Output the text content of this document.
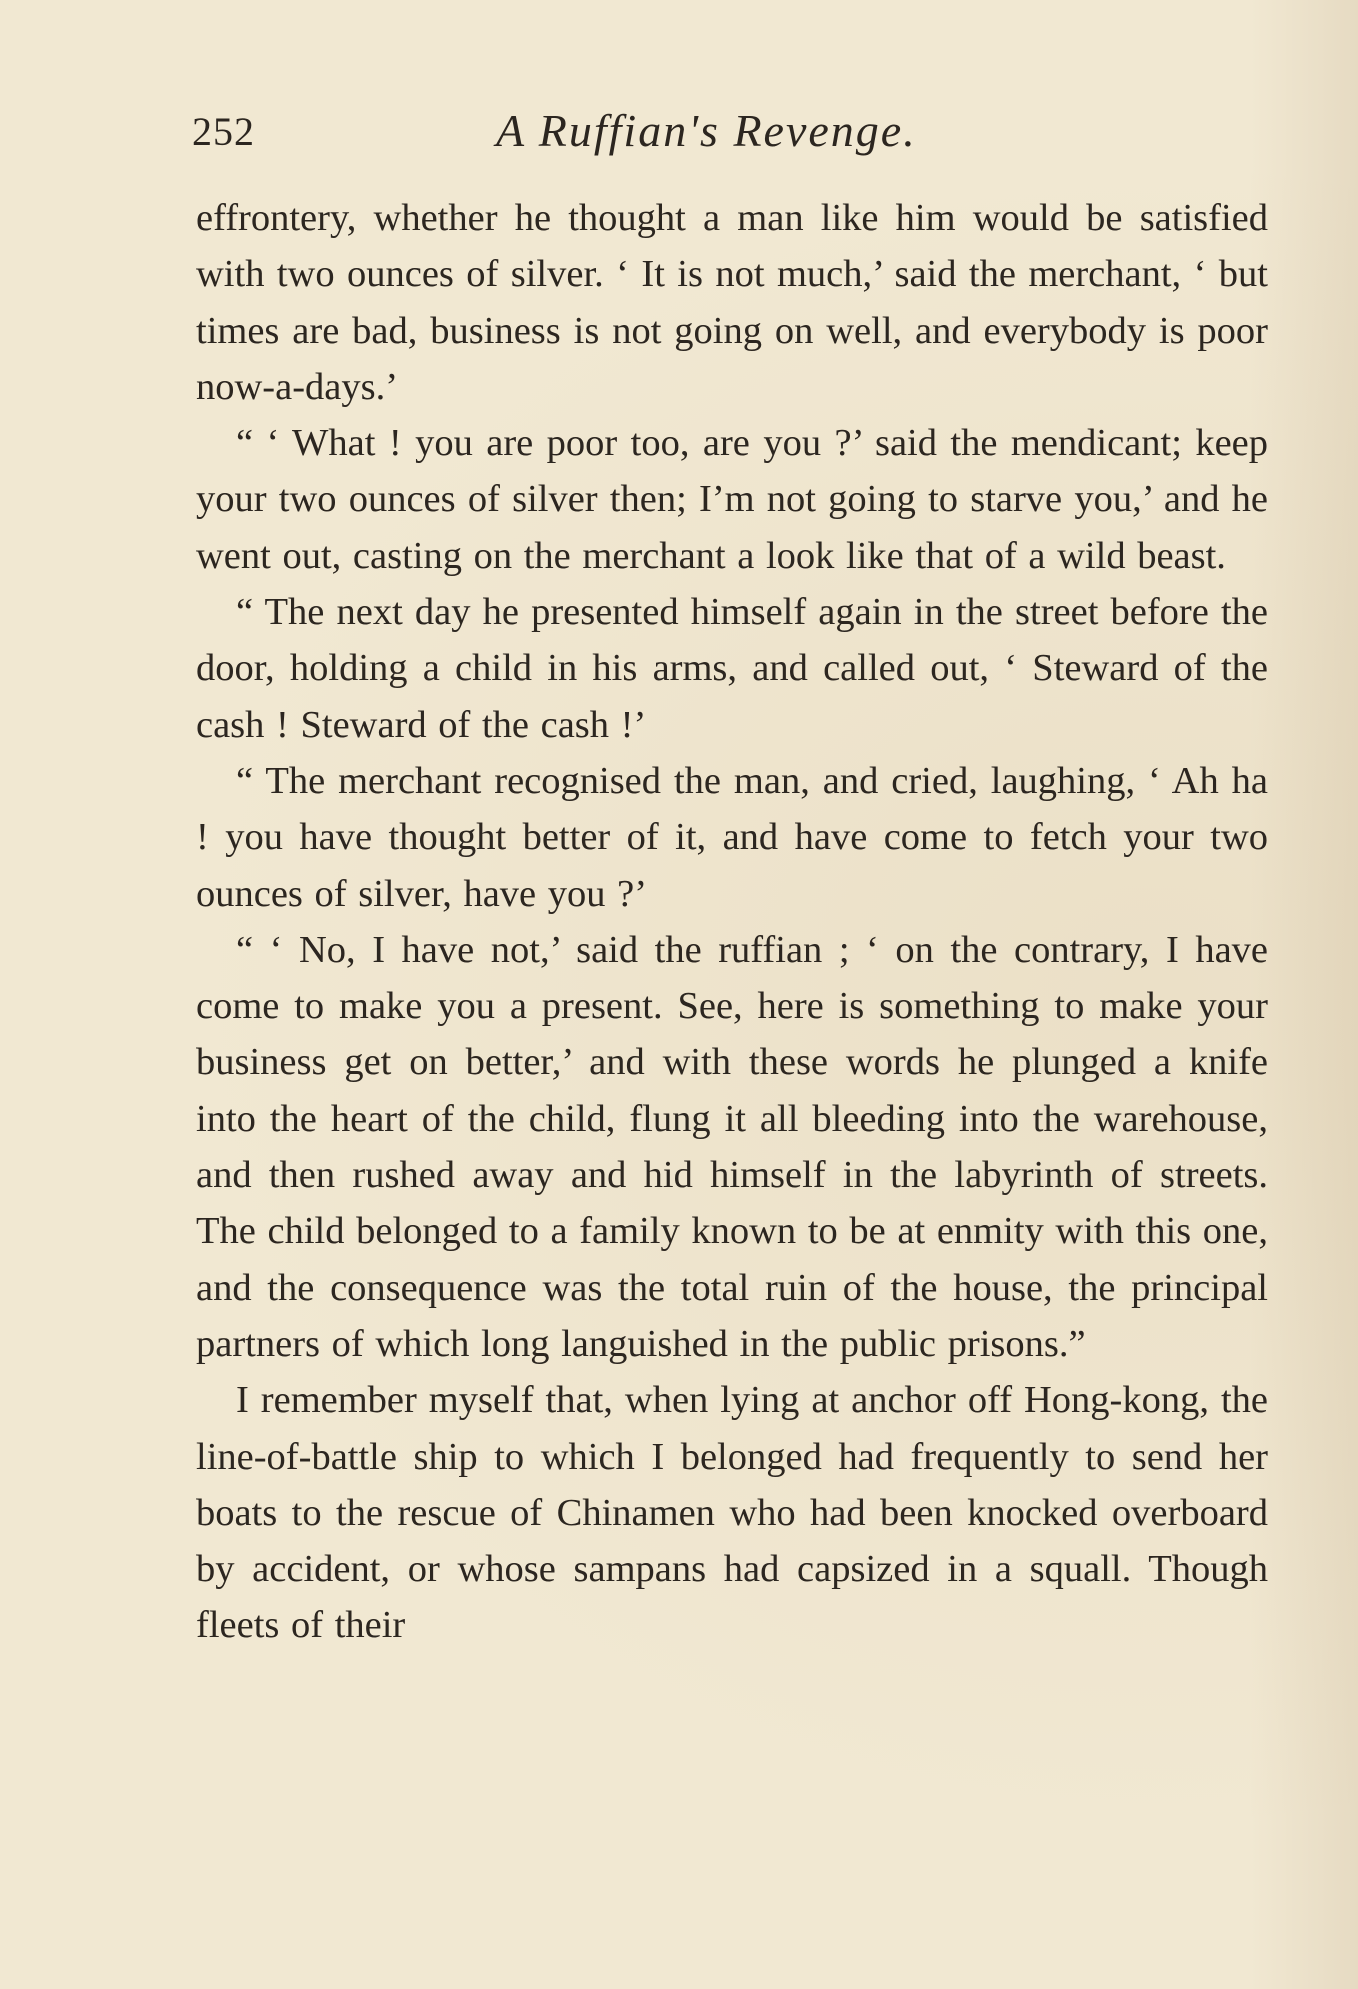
252	A Ruffian's Revenge.

effrontery, whether he thought a man like him would be satisfied with two ounces of silver. ‘ It is not much,’ said the merchant, ‘ but times are bad, business is not going on well, and everybody is poor now-a-days.’

“ ‘ What ! you are poor too, are you ?’ said the mendicant; keep your two ounces of silver then; I’m not going to starve you,’ and he went out, casting on the merchant a look like that of a wild beast.

“ The next day he presented himself again in the street before the door, holding a child in his arms, and called out, ‘ Steward of the cash ! Steward of the cash !’

“ The merchant recognised the man, and cried, laughing, ‘ Ah ha ! you have thought better of it, and have come to fetch your two ounces of silver, have you ?’

“ ‘ No, I have not,’ said the ruffian ; ‘ on the contrary, I have come to make you a present. See, here is something to make your business get on better,’ and with these words he plunged a knife into the heart of the child, flung it all bleeding into the warehouse, and then rushed away and hid himself in the labyrinth of streets. The child belonged to a family known to be at enmity with this one, and the consequence was the total ruin of the house, the principal partners of which long languished in the public prisons.”

I remember myself that, when lying at anchor off Hong-kong, the line-of-battle ship to which I belonged had frequently to send her boats to the rescue of Chinamen who had been knocked overboard by accident, or whose sampans had capsized in a squall. Though fleets of their
